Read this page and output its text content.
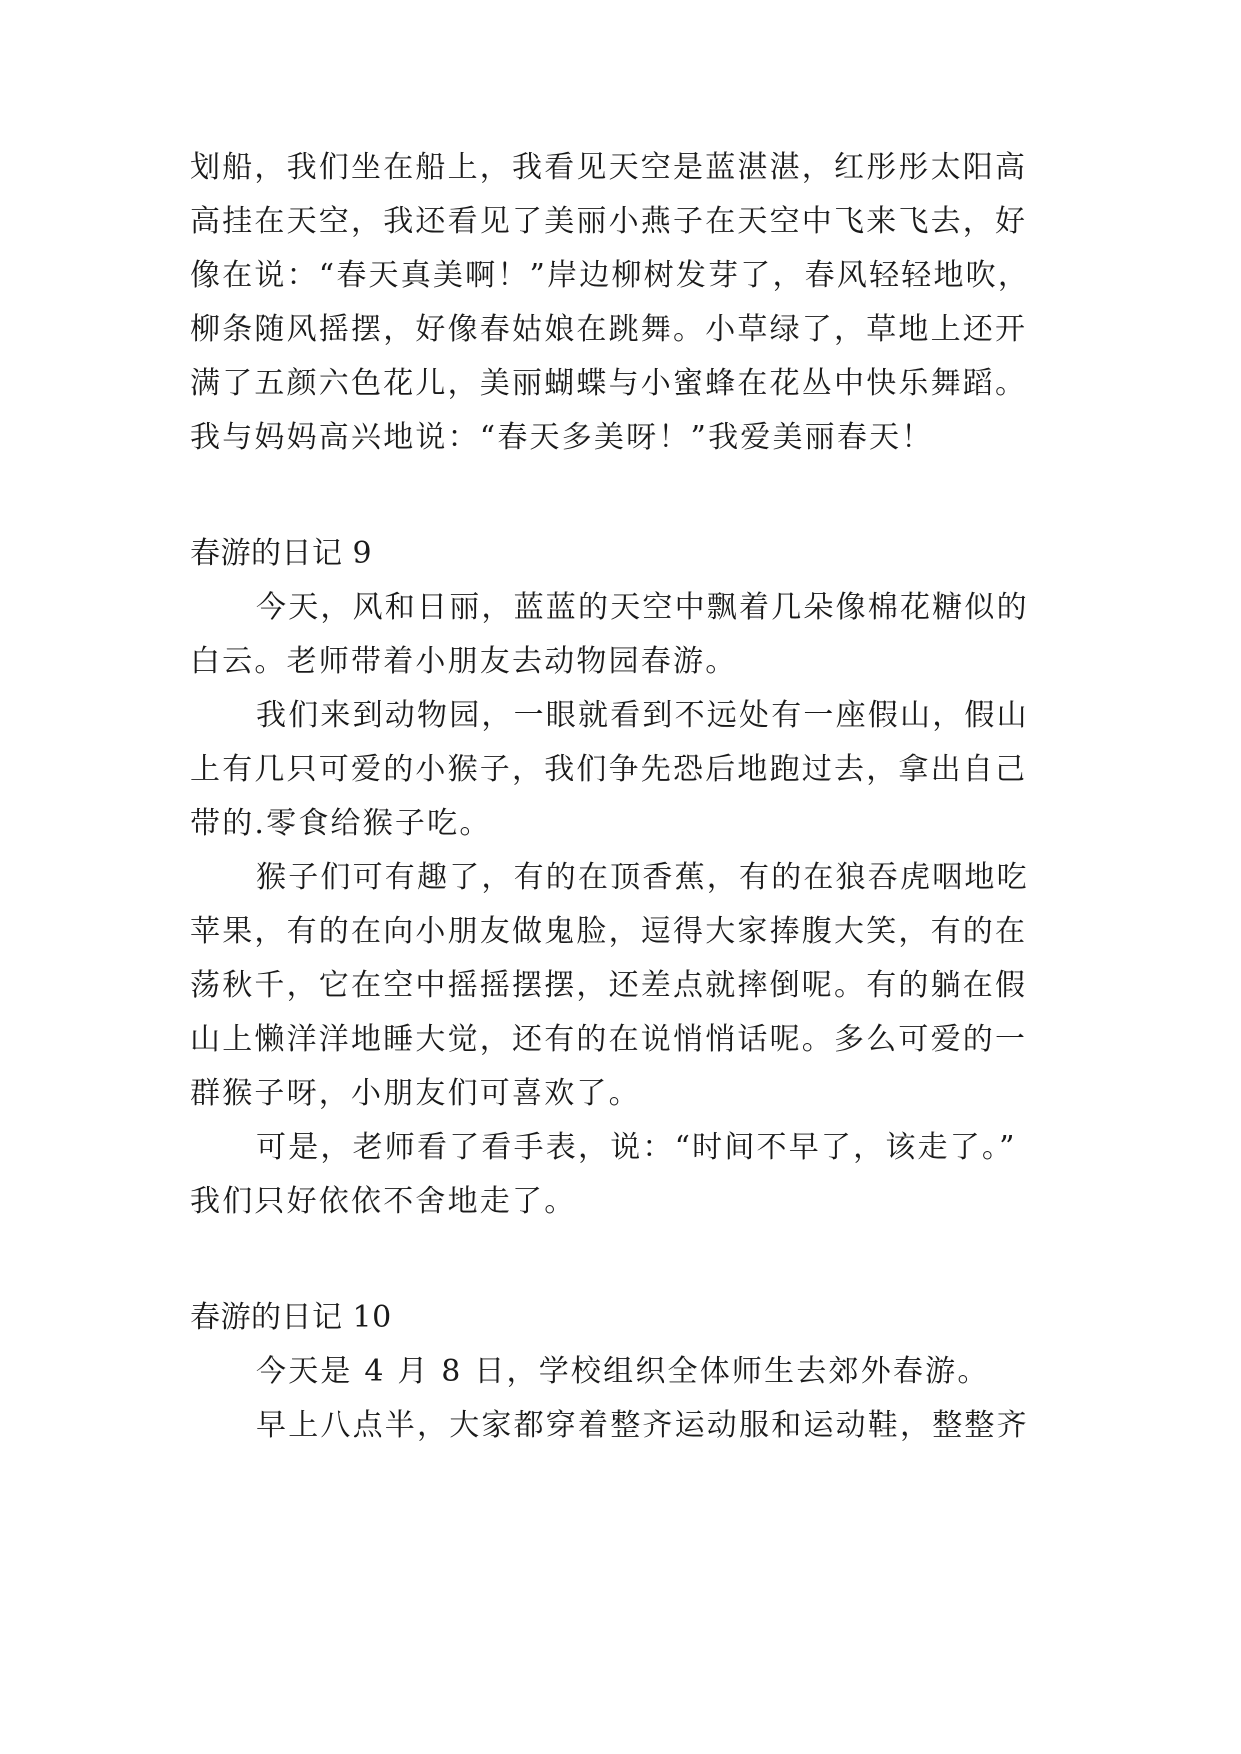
划船，我们坐在船上，我看见天空是蓝湛湛，红彤彤太阳高
高挂在天空，我还看见了美丽小燕子在天空中飞来飞去，好
像在说：“春天真美啊！”岸边柳树发芽了，春风轻轻地吹，
柳条随风摇摆，好像春姑娘在跳舞。小草绿了，草地上还开
满了五颜六色花儿，美丽蝴蝶与小蜜蜂在花丛中快乐舞蹈。
我与妈妈高兴地说：“春天多美呀！”我爱美丽春天！
春游的日记 9
今天，风和日丽，蓝蓝的天空中飘着几朵像棉花糖似的
白云。老师带着小朋友去动物园春游。
我们来到动物园，一眼就看到不远处有一座假山，假山
上有几只可爱的小猴子，我们争先恐后地跑过去，拿出自己
带的.零食给猴子吃。
猴子们可有趣了，有的在顶香蕉，有的在狼吞虎咽地吃
苹果，有的在向小朋友做鬼脸，逗得大家捧腹大笑，有的在
荡秋千，它在空中摇摇摆摆，还差点就摔倒呢。有的躺在假
山上懒洋洋地睡大觉，还有的在说悄悄话呢。多么可爱的一
群猴子呀，小朋友们可喜欢了。
可是，老师看了看手表，说：“时间不早了，该走了。”
我们只好依依不舍地走了。
春游的日记 10
今天是 4 月 8 日，学校组织全体师生去郊外春游。
早上八点半，大家都穿着整齐运动服和运动鞋，整整齐
